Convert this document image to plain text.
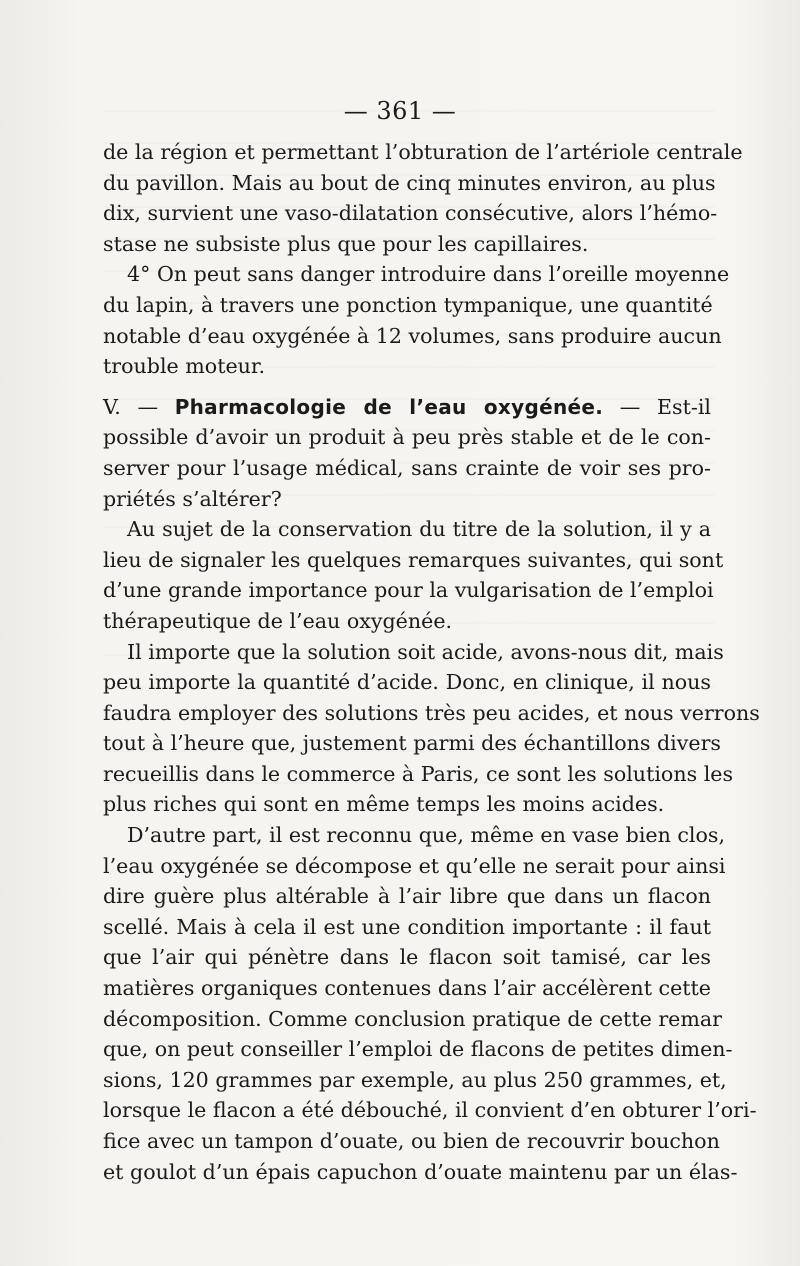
— 361 —
de la région et permettant l’obturation de l’artériole centrale
du pavillon. Mais au bout de cinq minutes environ, au plus
dix, survient une vaso-dilatation consécutive, alors l’hémo-
stase ne subsiste plus que pour les capillaires.
4° On peut sans danger introduire dans l’oreille moyenne
du lapin, à travers une ponction tympanique, une quantité
notable d’eau oxygénée à 12 volumes, sans produire aucun
trouble moteur.
V. — Pharmacologie de l’eau oxygénée. — Est-il
possible d’avoir un produit à peu près stable et de le con-
server pour l’usage médical, sans crainte de voir ses pro-
priétés s’altérer?
Au sujet de la conservation du titre de la solution, il y a
lieu de signaler les quelques remarques suivantes, qui sont
d’une grande importance pour la vulgarisation de l’emploi
thérapeutique de l’eau oxygénée.
Il importe que la solution soit acide, avons-nous dit, mais
peu importe la quantité d’acide. Donc, en clinique, il nous
faudra employer des solutions très peu acides, et nous verrons
tout à l’heure que, justement parmi des échantillons divers
recueillis dans le commerce à Paris, ce sont les solutions les
plus riches qui sont en même temps les moins acides.
D’autre part, il est reconnu que, même en vase bien clos,
l’eau oxygénée se décompose et qu’elle ne serait pour ainsi
dire guère plus altérable à l’air libre que dans un flacon
scellé. Mais à cela il est une condition importante : il faut
que l’air qui pénètre dans le flacon soit tamisé, car les
matières organiques contenues dans l’air accélèrent cette
décomposition. Comme conclusion pratique de cette remar
que, on peut conseiller l’emploi de flacons de petites dimen-
sions, 120 grammes par exemple, au plus 250 grammes, et,
lorsque le flacon a été débouché, il convient d’en obturer l’ori-
fice avec un tampon d’ouate, ou bien de recouvrir bouchon
et goulot d’un épais capuchon d’ouate maintenu par un élas-
